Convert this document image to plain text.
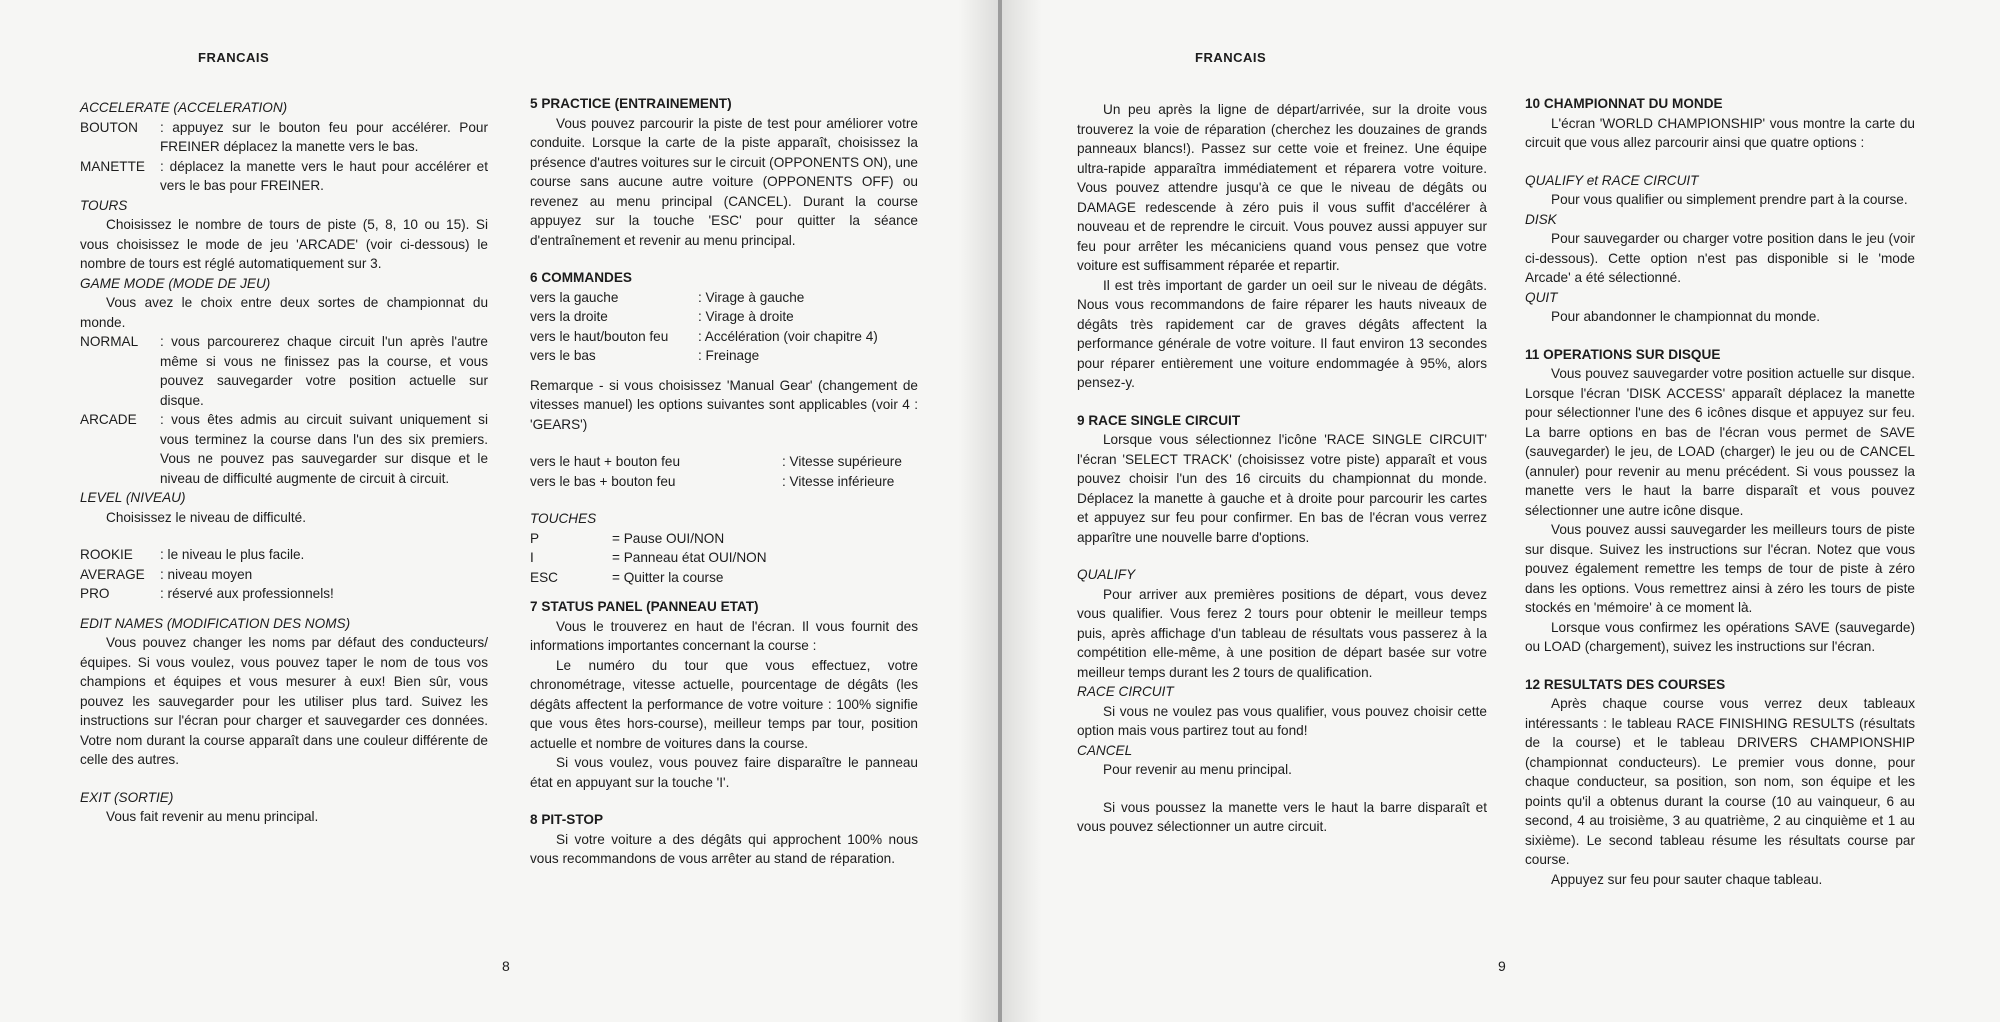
FRANCAIS

ACCELERATE (ACCELERATION)

BOUTON	: appuyez sur le bouton feu pour accélérer. Pour FREINER déplacez la manette vers le bas.
MANETTE	: déplacez la manette vers le haut pour accélérer et vers le bas pour FREINER.

TOURS

Choisissez le nombre de tours de piste (5, 8, 10 ou 15). Si vous choisissez le mode de jeu 'ARCADE' (voir ci-dessous) le nombre de tours est réglé automatiquement sur 3.

GAME MODE (MODE DE JEU)

Vous avez le choix entre deux sortes de championnat du monde.

NORMAL	: vous parcourerez chaque circuit l'un après l'autre même si vous ne finissez pas la course, et vous pouvez sauvegarder votre position actuelle sur disque.
ARCADE	: vous êtes admis au circuit suivant uniquement si vous terminez la course dans l'un des six premiers. Vous ne pouvez pas sauvegarder sur disque et le niveau de difficulté augmente de circuit à circuit.

LEVEL (NIVEAU)

Choisissez le niveau de difficulté.

ROOKIE	: le niveau le plus facile.
AVERAGE	: niveau moyen
PRO	: réservé aux professionnels!

EDIT NAMES (MODIFICATION DES NOMS)

Vous pouvez changer les noms par défaut des conducteurs/équipes. Si vous voulez, vous pouvez taper le nom de tous vos champions et équipes et vous mesurer à eux! Bien sûr, vous pouvez les sauvegarder pour les utiliser plus tard. Suivez les instructions sur l'écran pour charger et sauvegarder ces données. Votre nom durant la course apparaît dans une couleur différente de celle des autres.

EXIT (SORTIE)

Vous fait revenir au menu principal.

5 PRACTICE (ENTRAINEMENT)

Vous pouvez parcourir la piste de test pour améliorer votre conduite. Lorsque la carte de la piste apparaît, choisissez la présence d'autres voitures sur le circuit (OPPONENTS ON), une course sans aucune autre voiture (OPPONENTS OFF) ou revenez au menu principal (CANCEL). Durant la course appuyez sur la touche 'ESC' pour quitter la séance d'entraînement et revenir au menu principal.

6 COMMANDES

vers la gauche	: Virage à gauche
vers la droite	: Virage à droite
vers le haut/bouton feu	: Accélération (voir chapitre 4)
vers le bas	: Freinage

Remarque - si vous choisissez 'Manual Gear' (changement de vitesses manuel) les options suivantes sont applicables (voir 4 : 'GEARS')

vers le haut + bouton feu	: Vitesse supérieure
vers le bas + bouton feu	: Vitesse inférieure

TOUCHES

P	= Pause OUI/NON
I	= Panneau état OUI/NON
ESC	= Quitter la course

7 STATUS PANEL (PANNEAU ETAT)

Vous le trouverez en haut de l'écran. Il vous fournit des informations importantes concernant la course :

Le numéro du tour que vous effectuez, votre chronométrage, vitesse actuelle, pourcentage de dégâts (les dégâts affectent la performance de votre voiture : 100% signifie que vous êtes hors-course), meilleur temps par tour, position actuelle et nombre de voitures dans la course.

Si vous voulez, vous pouvez faire disparaître le panneau état en appuyant sur la touche 'I'.

8 PIT-STOP

Si votre voiture a des dégâts qui approchent 100% nous vous recommandons de vous arrêter au stand de réparation.

8
FRANCAIS

Un peu après la ligne de départ/arrivée, sur la droite vous trouverez la voie de réparation (cherchez les douzaines de grands panneaux blancs!). Passez sur cette voie et freinez. Une équipe ultra-rapide apparaîtra immédiatement et réparera votre voiture. Vous pouvez attendre jusqu'à ce que le niveau de dégâts ou DAMAGE redescende à zéro puis il vous suffit d'accélérer à nouveau et de reprendre le circuit. Vous pouvez aussi appuyer sur feu pour arrêter les mécaniciens quand vous pensez que votre voiture est suffisamment réparée et repartir.

Il est très important de garder un oeil sur le niveau de dégâts. Nous vous recommandons de faire réparer les hauts niveaux de dégâts très rapidement car de graves dégâts affectent la performance générale de votre voiture. Il faut environ 13 secondes pour réparer entièrement une voiture endommagée à 95%, alors pensez-y.

9 RACE SINGLE CIRCUIT

Lorsque vous sélectionnez l'icône 'RACE SINGLE CIRCUIT' l'écran 'SELECT TRACK' (choisissez votre piste) apparaît et vous pouvez choisir l'un des 16 circuits du championnat du monde. Déplacez la manette à gauche et à droite pour parcourir les cartes et appuyez sur feu pour confirmer. En bas de l'écran vous verrez apparître une nouvelle barre d'options.

QUALIFY

Pour arriver aux premières positions de départ, vous devez vous qualifier. Vous ferez 2 tours pour obtenir le meilleur temps puis, après affichage d'un tableau de résultats vous passerez à la compétition elle-même, à une position de départ basée sur votre meilleur temps durant les 2 tours de qualification.

RACE CIRCUIT

Si vous ne voulez pas vous qualifier, vous pouvez choisir cette option mais vous partirez tout au fond!

CANCEL

Pour revenir au menu principal.

Si vous poussez la manette vers le haut la barre disparaît et vous pouvez sélectionner un autre circuit.

10 CHAMPIONNAT DU MONDE

L'écran 'WORLD CHAMPIONSHIP' vous montre la carte du circuit que vous allez parcourir ainsi que quatre options :

QUALIFY et RACE CIRCUIT

Pour vous qualifier ou simplement prendre part à la course.

DISK

Pour sauvegarder ou charger votre position dans le jeu (voir ci-dessous). Cette option n'est pas disponible si le 'mode Arcade' a été sélectionné.

QUIT

Pour abandonner le championnat du monde.

11 OPERATIONS SUR DISQUE

Vous pouvez sauvegarder votre position actuelle sur disque. Lorsque l'écran 'DISK ACCESS' apparaît déplacez la manette pour sélectionner l'une des 6 icônes disque et appuyez sur feu. La barre options en bas de l'écran vous permet de SAVE (sauvegarder) le jeu, de LOAD (charger) le jeu ou de CANCEL (annuler) pour revenir au menu précédent. Si vous poussez la manette vers le haut la barre disparaît et vous pouvez sélectionner une autre icône disque.

Vous pouvez aussi sauvegarder les meilleurs tours de piste sur disque. Suivez les instructions sur l'écran. Notez que vous pouvez également remettre les temps de tour de piste à zéro dans les options. Vous remettrez ainsi à zéro les tours de piste stockés en 'mémoire' à ce moment là.

Lorsque vous confirmez les opérations SAVE (sauvegarde) ou LOAD (chargement), suivez les instructions sur l'écran.

12 RESULTATS DES COURSES

Après chaque course vous verrez deux tableaux intéressants : le tableau RACE FINISHING RESULTS (résultats de la course) et le tableau DRIVERS CHAMPIONSHIP (championnat conducteurs). Le premier vous donne, pour chaque conducteur, sa position, son nom, son équipe et les points qu'il a obtenus durant la course (10 au vainqueur, 6 au second, 4 au troisième, 3 au quatrième, 2 au cinquième et 1 au sixième). Le second tableau résume les résultats course par course.

Appuyez sur feu pour sauter chaque tableau.

9
